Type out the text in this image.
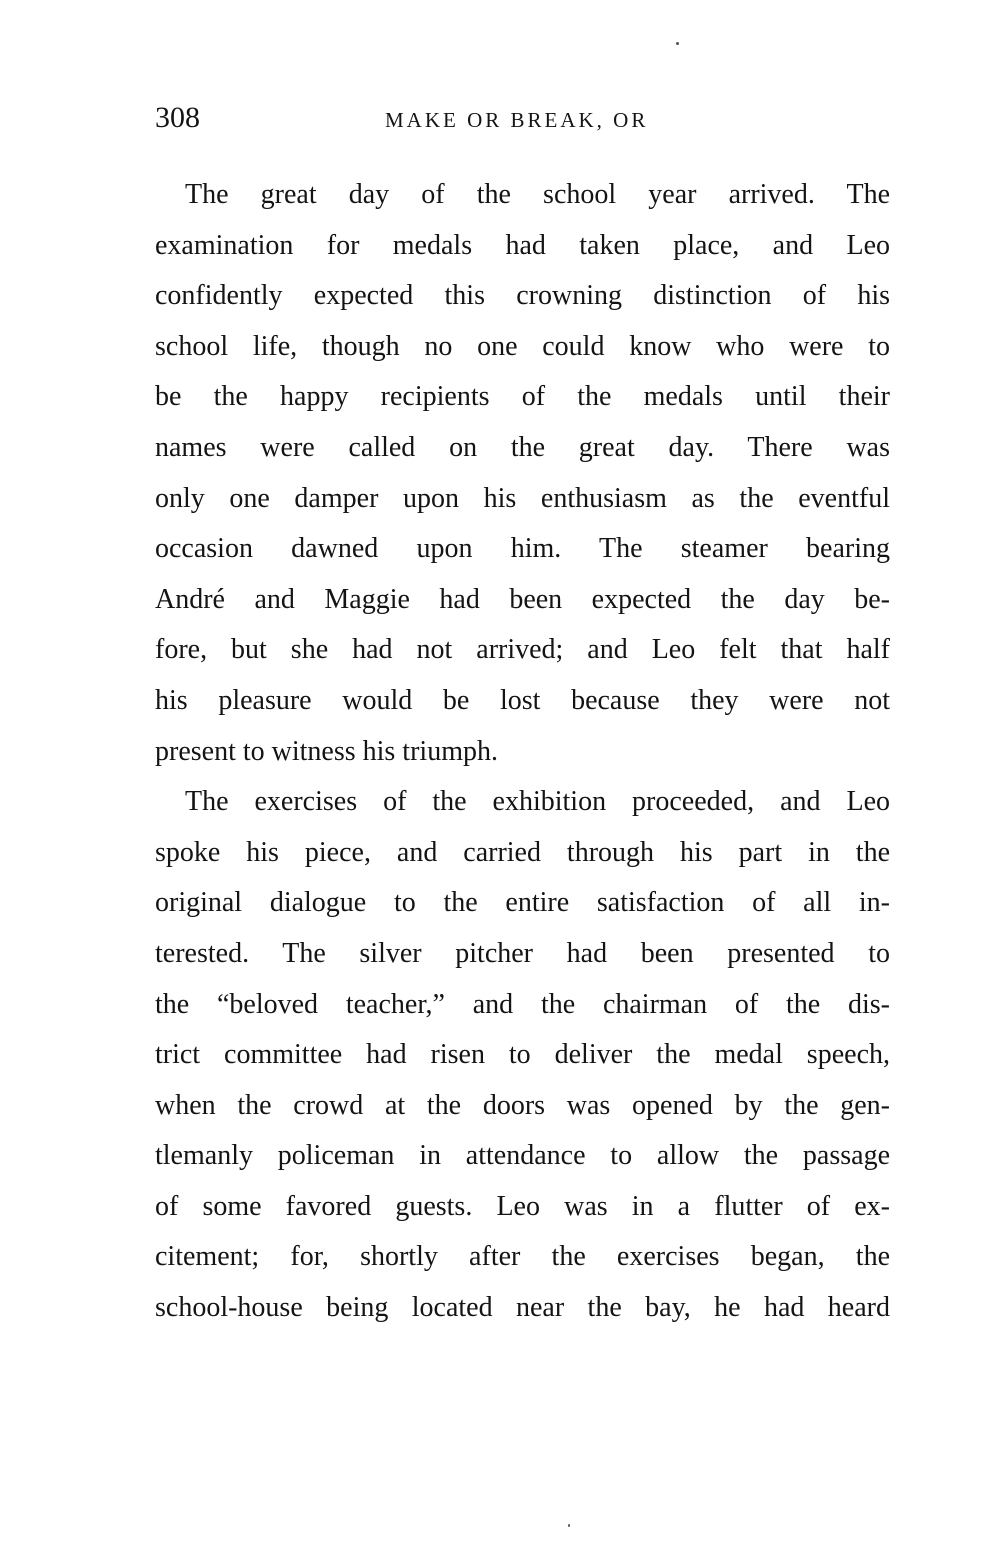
308	MAKE OR BREAK, OR
The great day of the school year arrived. The
examination for medals had taken place, and Leo
confidently expected this crowning distinction of his
school life, though no one could know who were to
be the happy recipients of the medals until their
names were called on the great day. There was
only one damper upon his enthusiasm as the eventful
occasion dawned upon him. The steamer bearing
André and Maggie had been expected the day be-
fore, but she had not arrived; and Leo felt that half
his pleasure would be lost because they were not
present to witness his triumph.
The exercises of the exhibition proceeded, and Leo
spoke his piece, and carried through his part in the
original dialogue to the entire satisfaction of all in-
terested. The silver pitcher had been presented to
the “beloved teacher,” and the chairman of the dis-
trict committee had risen to deliver the medal speech,
when the crowd at the doors was opened by the gen-
tlemanly policeman in attendance to allow the passage
of some favored guests. Leo was in a flutter of ex-
citement; for, shortly after the exercises began, the
school-house being located near the bay, he had heard
